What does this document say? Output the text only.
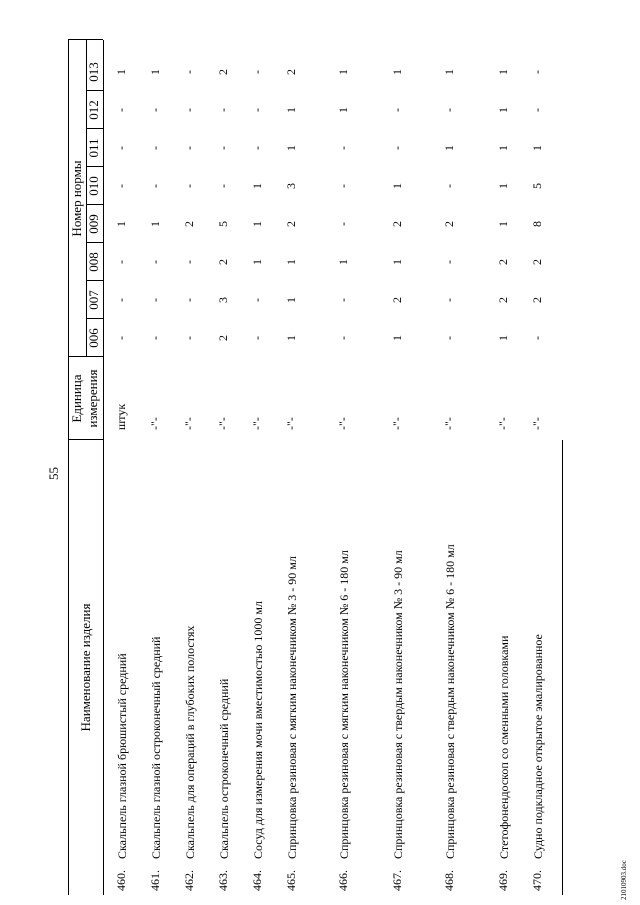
55
Наименование изделия
Единица измерения
Номер нормы
006
007
008
009
010
011
012
013
460.
Скальпель глазной брюшистый средний
штук
-
-
-
1
-
-
-
1
461.
Скальпель глазной остроконечный средний
-"-
-
-
-
1
-
-
-
1
462.
Скальпель для операций в глубоких полостях
-"-
-
-
-
2
-
-
-
-
463.
Скальпель остроконечный средний
-"-
2
3
2
5
-
-
-
2
464.
Сосуд для измерения мочи вместимостью 1000 мл
-"-
-
-
1
1
1
-
-
-
465.
Спринцовка резиновая с мягким наконечником № 3 - 90 мл
-"-
1
1
1
2
3
1
1
2
466.
Спринцовка резиновая с мягким наконечником № 6 - 180 мл
-"-
-
-
1
-
-
-
1
1
467.
Спринцовка резиновая с твердым наконечником № 3 - 90 мл
-"-
1
2
1
2
1
-
-
1
468.
Спринцовка резиновая с твердым наконечником № 6 - 180 мл
-"-
-
-
-
2
-
1
-
1
469.
Стетофонендоскоп со сменными головками
-"-
1
2
2
1
1
1
1
1
470.
Судно подкладное открытое эмалированное
-"-
-
2
2
8
5
1
-
-
21010903.doc
